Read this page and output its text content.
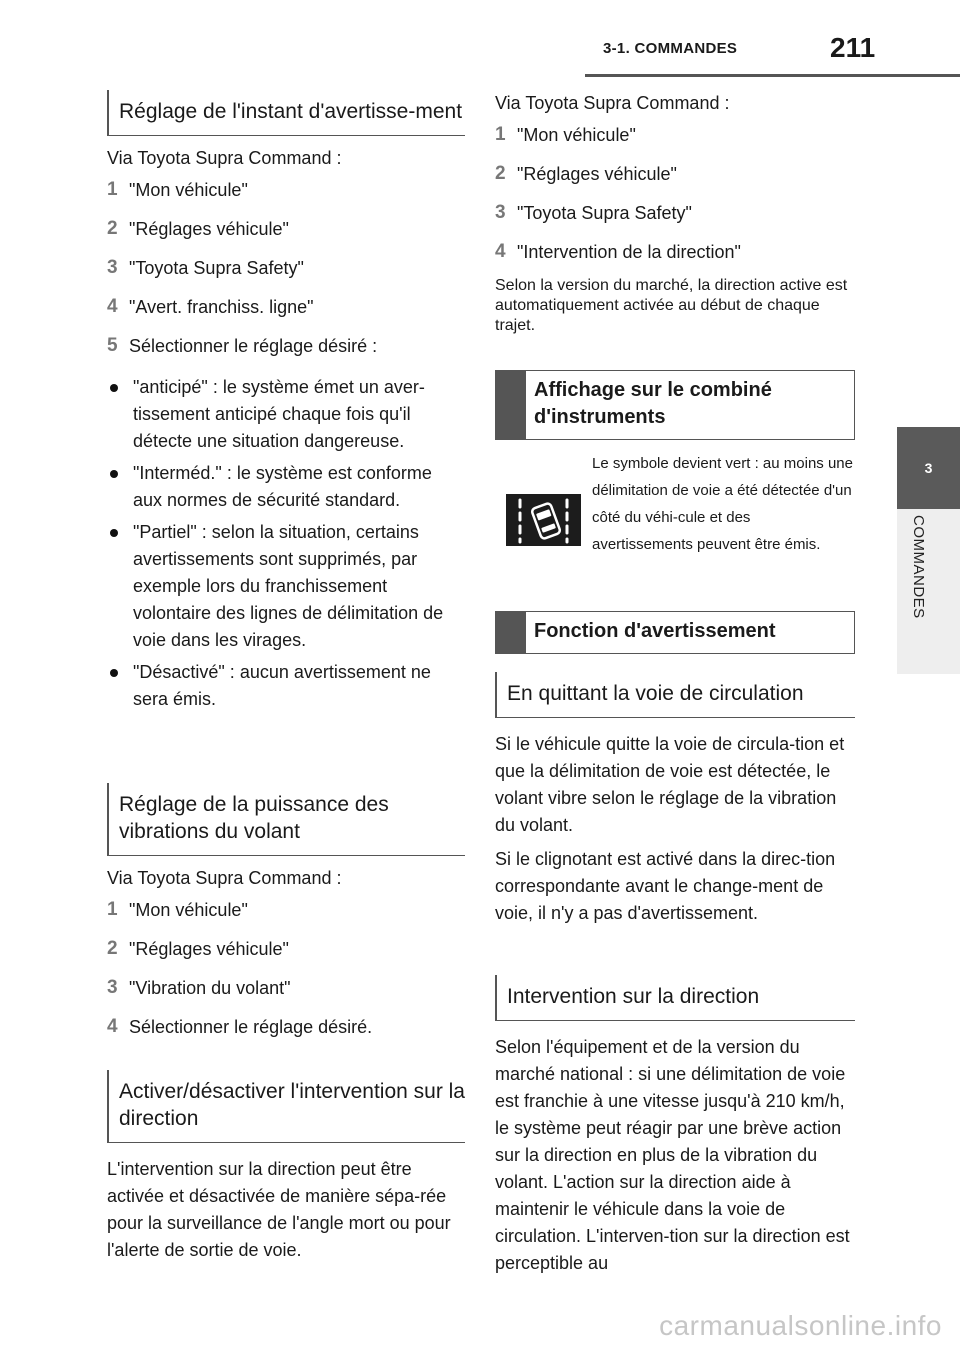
3-1. COMMANDES	211
3
COMMANDES
Réglage de l'instant d'avertisse-ment

Via Toyota Supra Command :

1 "Mon véhicule"
2 "Réglages véhicule"
3 "Toyota Supra Safety"
4 "Avert. franchiss. ligne"
5 Sélectionner le réglage désiré :
"anticipé" : le système émet un aver-tissement anticipé chaque fois qu'il détecte une situation dangereuse.
"Interméd." : le système est conforme aux normes de sécurité standard.
"Partiel" : selon la situation, certains avertissements sont supprimés, par exemple lors du franchissement volontaire des lignes de délimitation de voie dans les virages.
"Désactivé" : aucun avertissement ne sera émis.
Réglage de la puissance des vibrations du volant

Via Toyota Supra Command :

1 "Mon véhicule"
2 "Réglages véhicule"
3 "Vibration du volant"
4 Sélectionner le réglage désiré.
Activer/désactiver l'intervention sur la direction

L'intervention sur la direction peut être activée et désactivée de manière sépa-rée pour la surveillance de l'angle mort ou pour l'alerte de sortie de voie.

Via Toyota Supra Command :

1 "Mon véhicule"
2 "Réglages véhicule"
3 "Toyota Supra Safety"
4 "Intervention de la direction"

Selon la version du marché, la direction active est automatiquement activée au début de chaque trajet.

Affichage sur le combiné d'instruments
Le symbole devient vert : au moins une délimitation de voie a été détectée d'un côté du véhi-cule et des avertissements peuvent être émis.
Fonction d'avertissement
En quittant la voie de circulation

Si le véhicule quitte la voie de circula-tion et que la délimitation de voie est détectée, le volant vibre selon le réglage de la vibration du volant.

Si le clignotant est activé dans la direc-tion correspondante avant le change-ment de voie, il n'y a pas d'avertissement.

Intervention sur la direction

Selon l'équipement et de la version du marché national : si une délimitation de voie est franchie à une vitesse jusqu'à 210 km/h, le système peut réagir par une brève action sur la direction en plus de la vibration du volant. L'action sur la direction aide à maintenir le véhicule dans la voie de circulation. L'interven-tion sur la direction est perceptible au

carmanualsonline.info
